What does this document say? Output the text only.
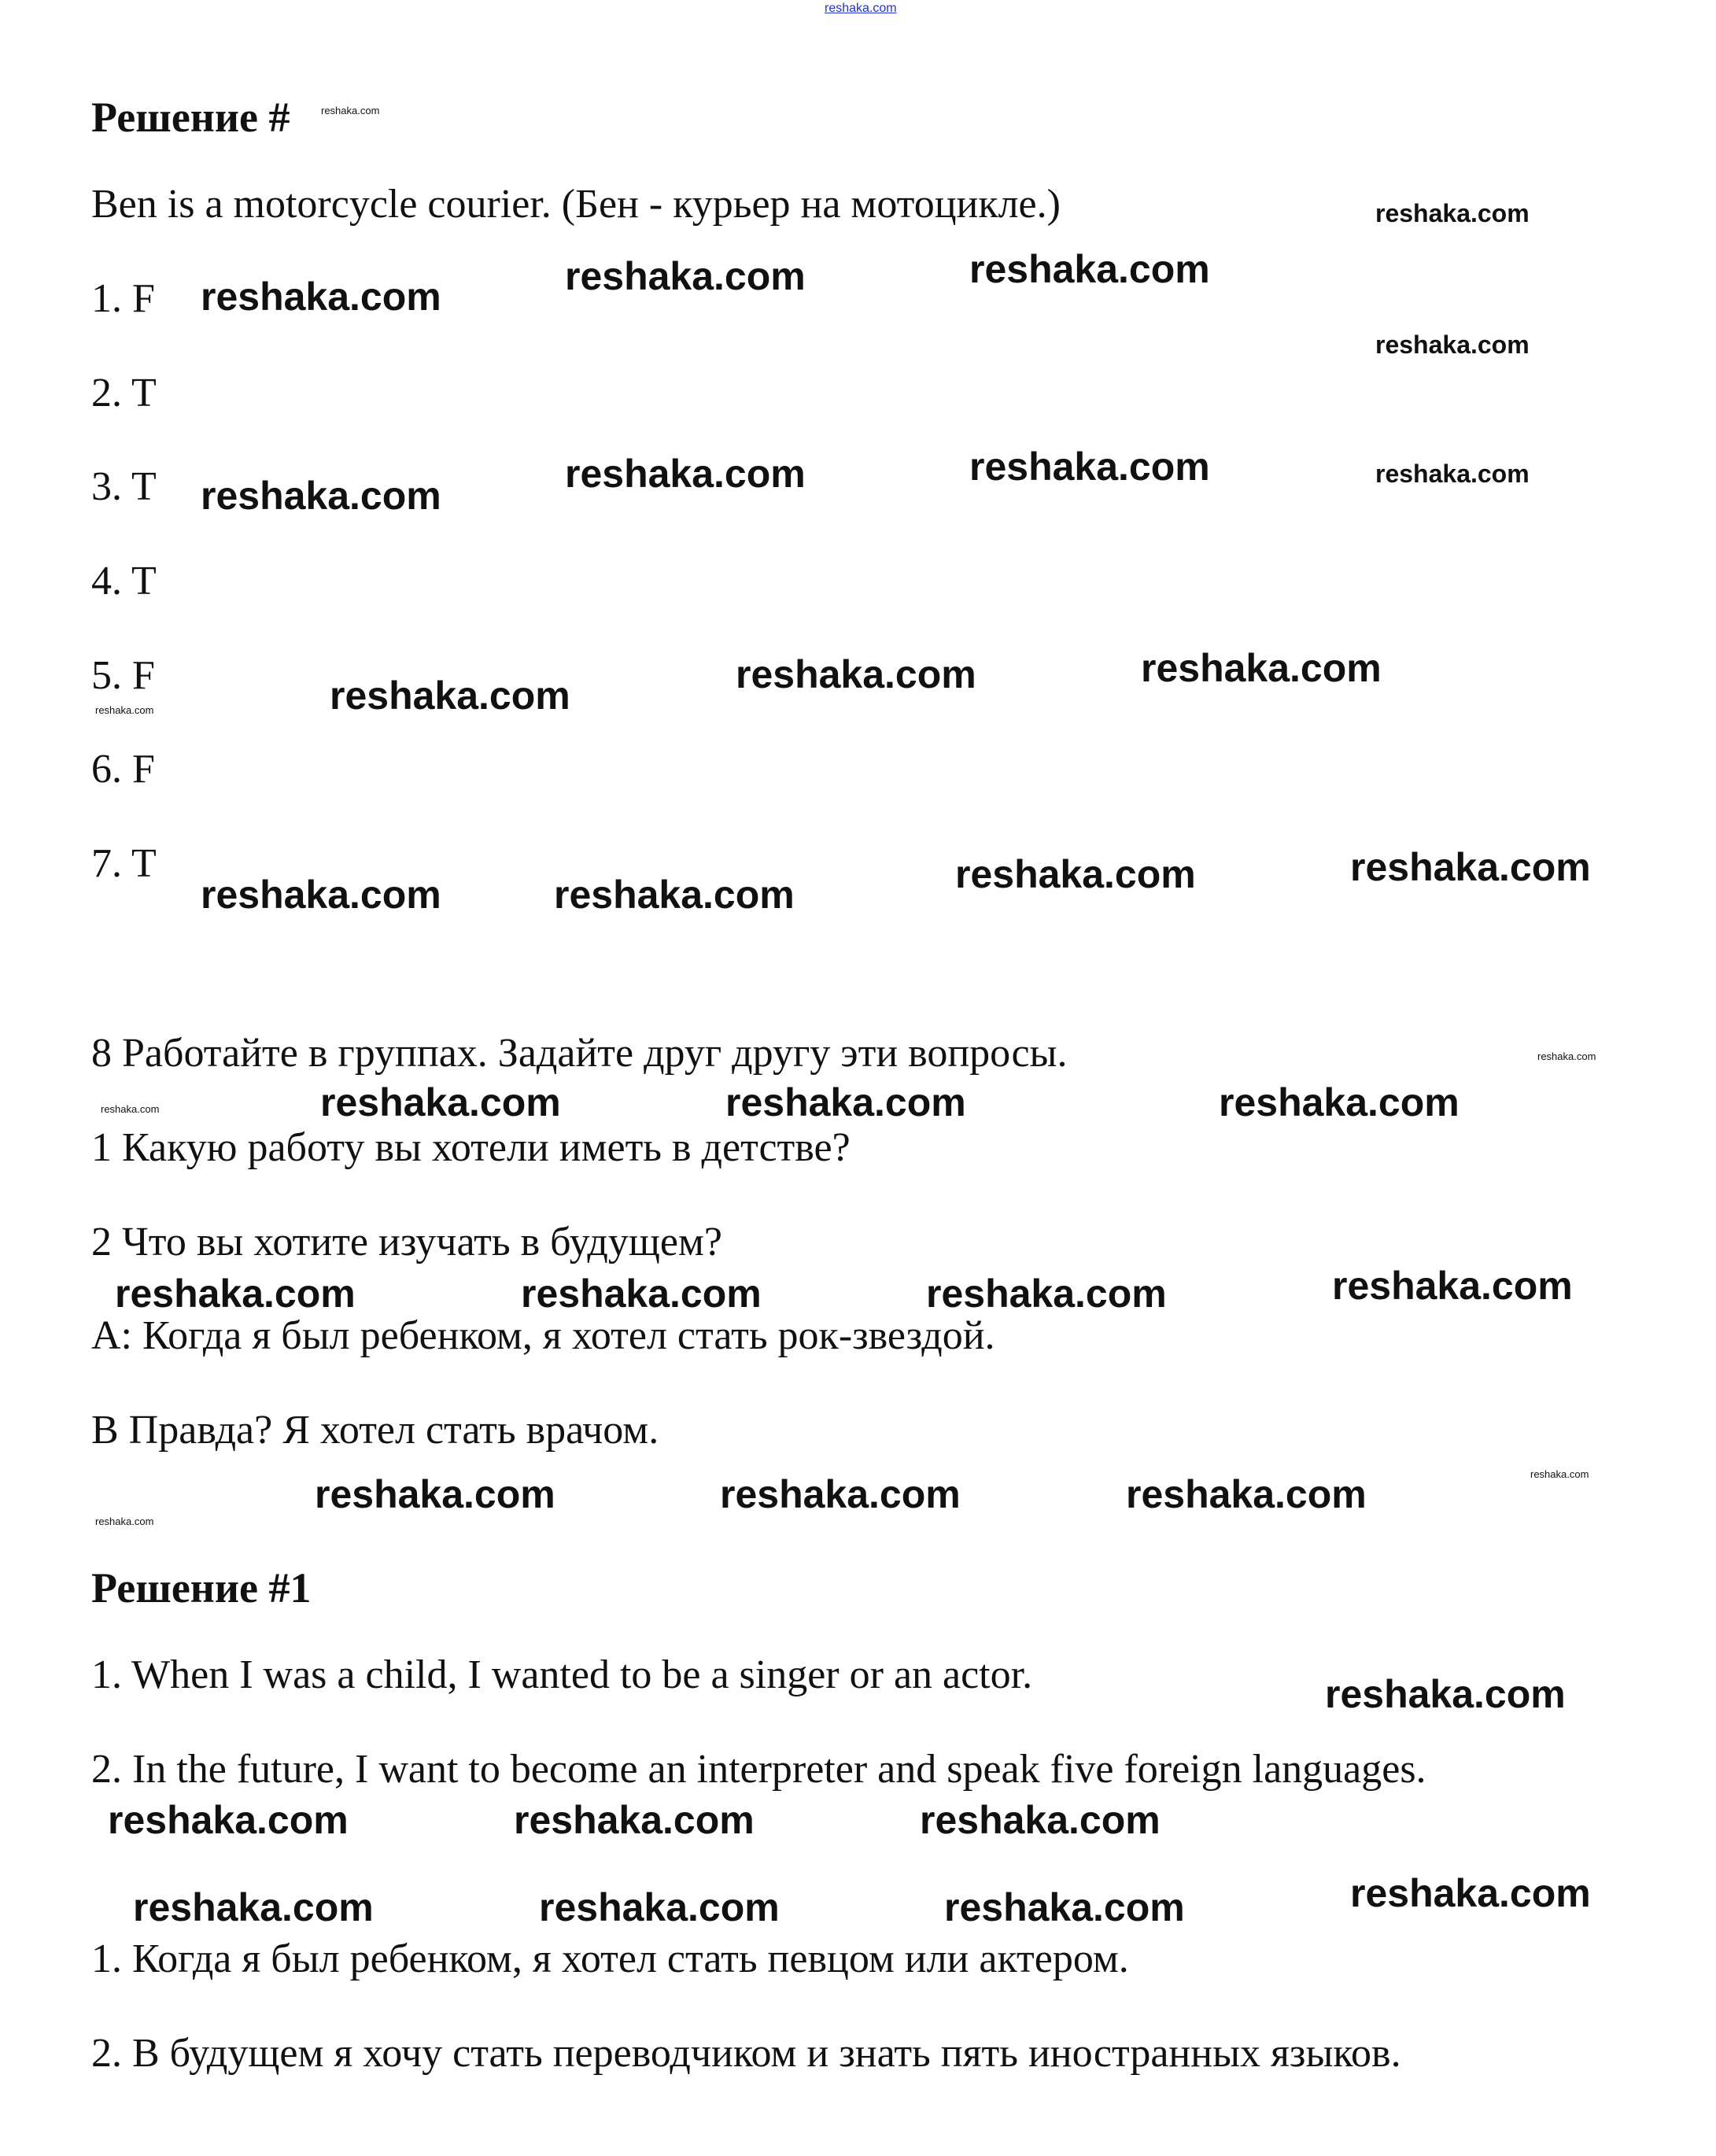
reshaka.com
Решение #
Ben is a motorcycle courier. (Бен - курьер на мотоцикле.)
1. F
2. T
3. T
4. T
5. F
6. F
7. T
8 Работайте в группах. Задайте друг другу эти вопросы.
1 Какую работу вы хотели иметь в детстве?
2 Что вы хотите изучать в будущем?
A: Когда я был ребенком, я хотел стать рок-звездой.
B Правда? Я хотел стать врачом.
Решение #1
1. When I was a child, I wanted to be a singer or an actor.
2. In the future, I want to become an interpreter and speak five foreign languages.
1. Когда я был ребенком, я хотел стать певцом или актером.
2. В будущем я хочу стать переводчиком и знать пять иностранных языков.
reshaka.com
reshaka.com
reshaka.com
reshaka.com
reshaka.com	reshaka.com	reshaka.com
reshaka.com	reshaka.com	reshaka.com
reshaka.com	reshaka.com	reshaka.com
reshaka.com	reshaka.com	reshaka.com	reshaka.com
reshaka.com	reshaka.com	reshaka.com
reshaka.com	reshaka.com	reshaka.com	reshaka.com
reshaka.com	reshaka.com	reshaka.com
reshaka.com	reshaka.com	reshaka.com
reshaka.com
reshaka.com	reshaka.com	reshaka.com	reshaka.com
reshaka.com
reshaka.com
reshaka.com
reshaka.com
reshaka.com
